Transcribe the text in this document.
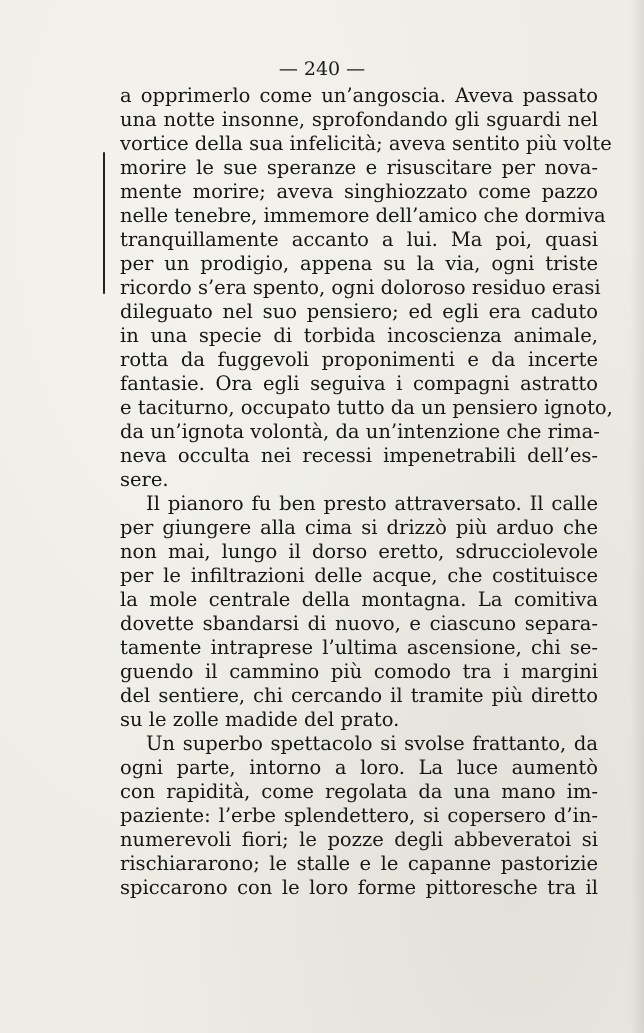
— 240 —

a opprimerlo come un’angoscia. Aveva passato
una notte insonne, sprofondando gli sguardi nel
vortice della sua infelicità; aveva sentito più volte
morire le sue speranze e risuscitare per nova-
mente morire; aveva singhiozzato come pazzo
nelle tenebre, immemore dell’amico che dormiva
tranquillamente accanto a lui. Ma poi, quasi
per un prodigio, appena su la via, ogni triste
ricordo s’era spento, ogni doloroso residuo erasi
dileguato nel suo pensiero; ed egli era caduto
in una specie di torbida incoscienza animale,
rotta da fuggevoli proponimenti e da incerte
fantasie. Ora egli seguiva i compagni astratto
e taciturno, occupato tutto da un pensiero ignoto,
da un’ignota volontà, da un’intenzione che rima-
neva occulta nei recessi impenetrabili dell’es-
sere.
Il pianoro fu ben presto attraversato. Il calle
per giungere alla cima si drizzò più arduo che
non mai, lungo il dorso eretto, sdrucciolevole
per le infiltrazioni delle acque, che costituisce
la mole centrale della montagna. La comitiva
dovette sbandarsi di nuovo, e ciascuno separa-
tamente intraprese l’ultima ascensione, chi se-
guendo il cammino più comodo tra i margini
del sentiere, chi cercando il tramite più diretto
su le zolle madide del prato.
Un superbo spettacolo si svolse frattanto, da
ogni parte, intorno a loro. La luce aumentò
con rapidità, come regolata da una mano im-
paziente: l’erbe splendettero, si copersero d’in-
numerevoli fiori; le pozze degli abbeveratoi si
rischiararono; le stalle e le capanne pastorizie
spiccarono con le loro forme pittoresche tra il
